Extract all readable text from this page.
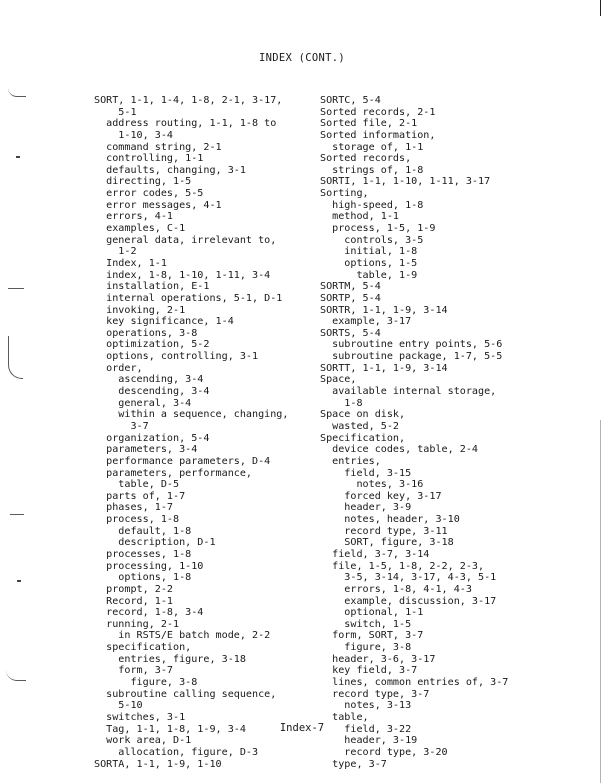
INDEX (CONT.)
SORT, 1-1, 1-4, 1-8, 2-1, 3-17,
5-1
address routing, 1-1, 1-8 to
1-10, 3-4
command string, 2-1
controlling, 1-1
defaults, changing, 3-1
directing, 1-5
error codes, 5-5
error messages, 4-1
errors, 4-1
examples, C-1
general data, irrelevant to,
1-2
Index, 1-1
index, 1-8, 1-10, 1-11, 3-4
installation, E-1
internal operations, 5-1, D-1
invoking, 2-1
key significance, 1-4
operations, 3-8
optimization, 5-2
options, controlling, 3-1
order,
ascending, 3-4
descending, 3-4
general, 3-4
within a sequence, changing,
3-7
organization, 5-4
parameters, 3-4
performance parameters, D-4
parameters, performance,
table, D-5
parts of, 1-7
phases, 1-7
process, 1-8
default, 1-8
description, D-1
processes, 1-8
processing, 1-10
options, 1-8
prompt, 2-2
Record, 1-1
record, 1-8, 3-4
running, 2-1
in RSTS/E batch mode, 2-2
specification,
entries, figure, 3-18
form, 3-7
figure, 3-8
subroutine calling sequence,
5-10
switches, 3-1
Tag, 1-1, 1-8, 1-9, 3-4
work area, D-1
allocation, figure, D-3
SORTA, 1-1, 1-9, 1-10
SORTC, 5-4
Sorted records, 2-1
Sorted file, 2-1
Sorted information,
storage of, 1-1
Sorted records,
strings of, 1-8
SORTI, 1-1, 1-10, 1-11, 3-17
Sorting,
high-speed, 1-8
method, 1-1
process, 1-5, 1-9
controls, 3-5
initial, 1-8
options, 1-5
table, 1-9
SORTM, 5-4
SORTP, 5-4
SORTR, 1-1, 1-9, 3-14
example, 3-17
SORTS, 5-4
subroutine entry points, 5-6
subroutine package, 1-7, 5-5
SORTT, 1-1, 1-9, 3-14
Space,
available internal storage,
1-8
Space on disk,
wasted, 5-2
Specification,
device codes, table, 2-4
entries,
field, 3-15
notes, 3-16
forced key, 3-17
header, 3-9
notes, header, 3-10
record type, 3-11
SORT, figure, 3-18
field, 3-7, 3-14
file, 1-5, 1-8, 2-2, 2-3,
3-5, 3-14, 3-17, 4-3, 5-1
errors, 1-8, 4-1, 4-3
example, discussion, 3-17
optional, 1-1
switch, 1-5
form, SORT, 3-7
figure, 3-8
header, 3-6, 3-17
key field, 3-7
lines, common entries of, 3-7
record type, 3-7
notes, 3-13
table,
field, 3-22
header, 3-19
record type, 3-20
type, 3-7
Index-7
